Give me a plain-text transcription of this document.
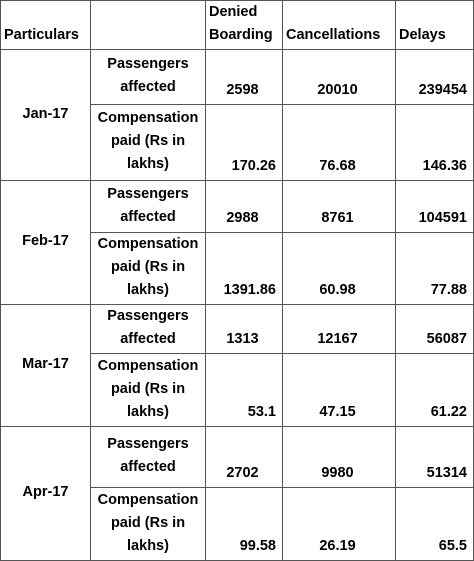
Particulars		Denied Boarding	Cancellations	Delays
Jan-17	Passengers affected	2598	20010	239454
	Compensation paid (Rs in lakhs)	170.26	76.68	146.36
Feb-17	Passengers affected	2988	8761	104591
	Compensation paid (Rs in lakhs)	1391.86	60.98	77.88
Mar-17	Passengers affected	1313	12167	56087
	Compensation paid (Rs in lakhs)	53.1	47.15	61.22
Apr-17	Passengers affected	2702	9980	51314
	Compensation paid (Rs in lakhs)	99.58	26.19	65.5
